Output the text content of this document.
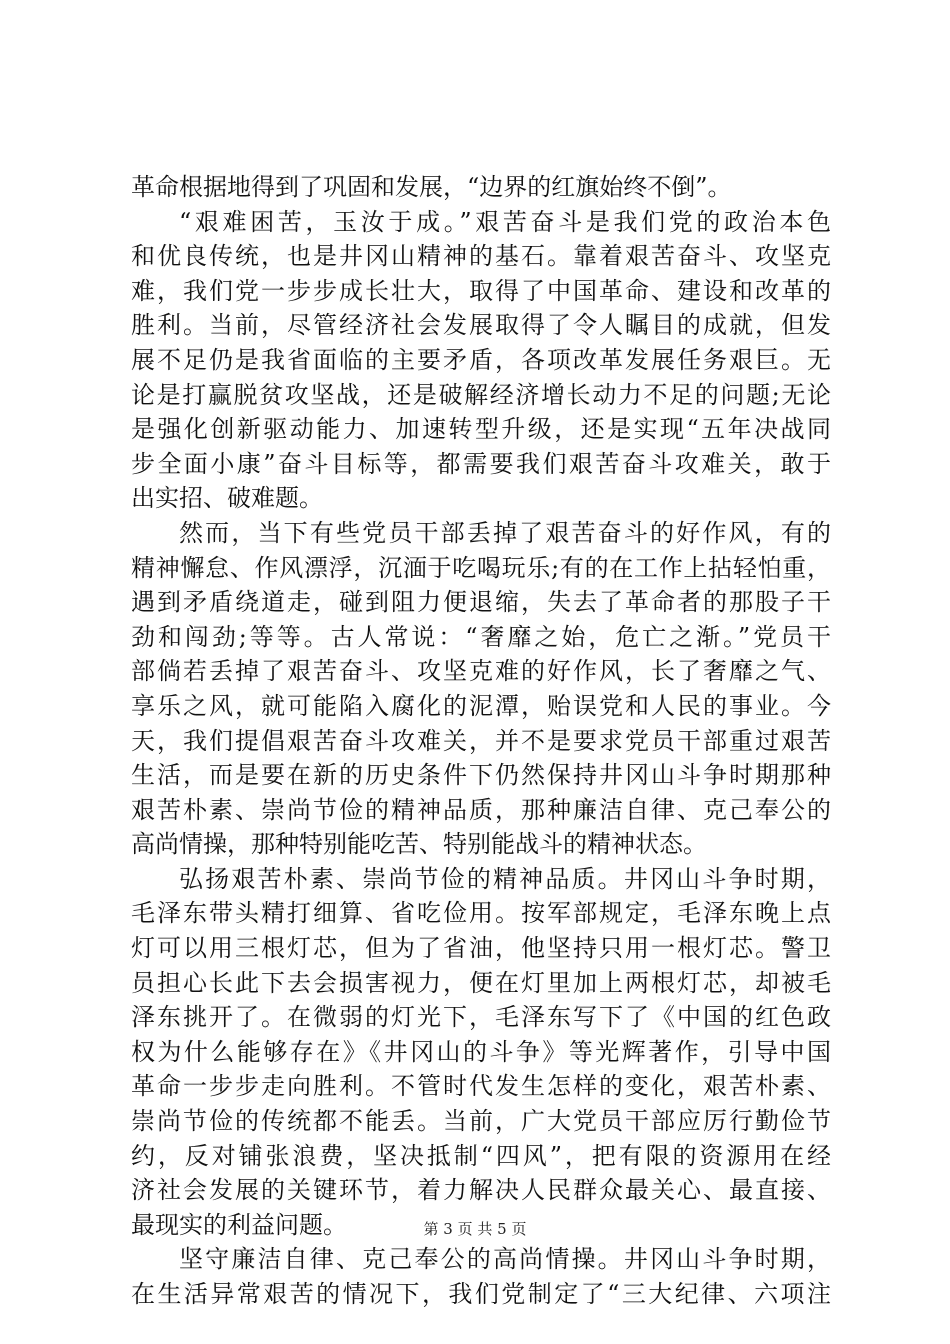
革命根据地得到了巩固和发展，“边界的红旗始终不倒”。
“艰难困苦，玉汝于成。”艰苦奋斗是我们党的政治本色
和优良传统，也是井冈山精神的基石。靠着艰苦奋斗、攻坚克
难，我们党一步步成长壮大，取得了中国革命、建设和改革的
胜利。当前，尽管经济社会发展取得了令人瞩目的成就，但发
展不足仍是我省面临的主要矛盾，各项改革发展任务艰巨。无
论是打赢脱贫攻坚战，还是破解经济增长动力不足的问题;无论
是强化创新驱动能力、加速转型升级，还是实现“五年决战同
步全面小康”奋斗目标等，都需要我们艰苦奋斗攻难关，敢于
出实招、破难题。
然而，当下有些党员干部丢掉了艰苦奋斗的好作风，有的
精神懈怠、作风漂浮，沉湎于吃喝玩乐;有的在工作上拈轻怕重，
遇到矛盾绕道走，碰到阻力便退缩，失去了革命者的那股子干
劲和闯劲;等等。古人常说：“奢靡之始，危亡之渐。”党员干
部倘若丢掉了艰苦奋斗、攻坚克难的好作风，长了奢靡之气、
享乐之风，就可能陷入腐化的泥潭，贻误党和人民的事业。今
天，我们提倡艰苦奋斗攻难关，并不是要求党员干部重过艰苦
生活，而是要在新的历史条件下仍然保持井冈山斗争时期那种
艰苦朴素、崇尚节俭的精神品质，那种廉洁自律、克己奉公的
高尚情操，那种特别能吃苦、特别能战斗的精神状态。
弘扬艰苦朴素、崇尚节俭的精神品质。井冈山斗争时期，
毛泽东带头精打细算、省吃俭用。按军部规定，毛泽东晚上点
灯可以用三根灯芯，但为了省油，他坚持只用一根灯芯。警卫
员担心长此下去会损害视力，便在灯里加上两根灯芯，却被毛
泽东挑开了。在微弱的灯光下，毛泽东写下了《中国的红色政
权为什么能够存在》《井冈山的斗争》等光辉著作，引导中国
革命一步步走向胜利。不管时代发生怎样的变化，艰苦朴素、
崇尚节俭的传统都不能丢。当前，广大党员干部应厉行勤俭节
约，反对铺张浪费，坚决抵制“四风”，把有限的资源用在经
济社会发展的关键环节，着力解决人民群众最关心、最直接、
最现实的利益问题。
坚守廉洁自律、克己奉公的高尚情操。井冈山斗争时期，
在生活异常艰苦的情况下，我们党制定了“三大纪律、六项注
第 3 页 共 5 页
